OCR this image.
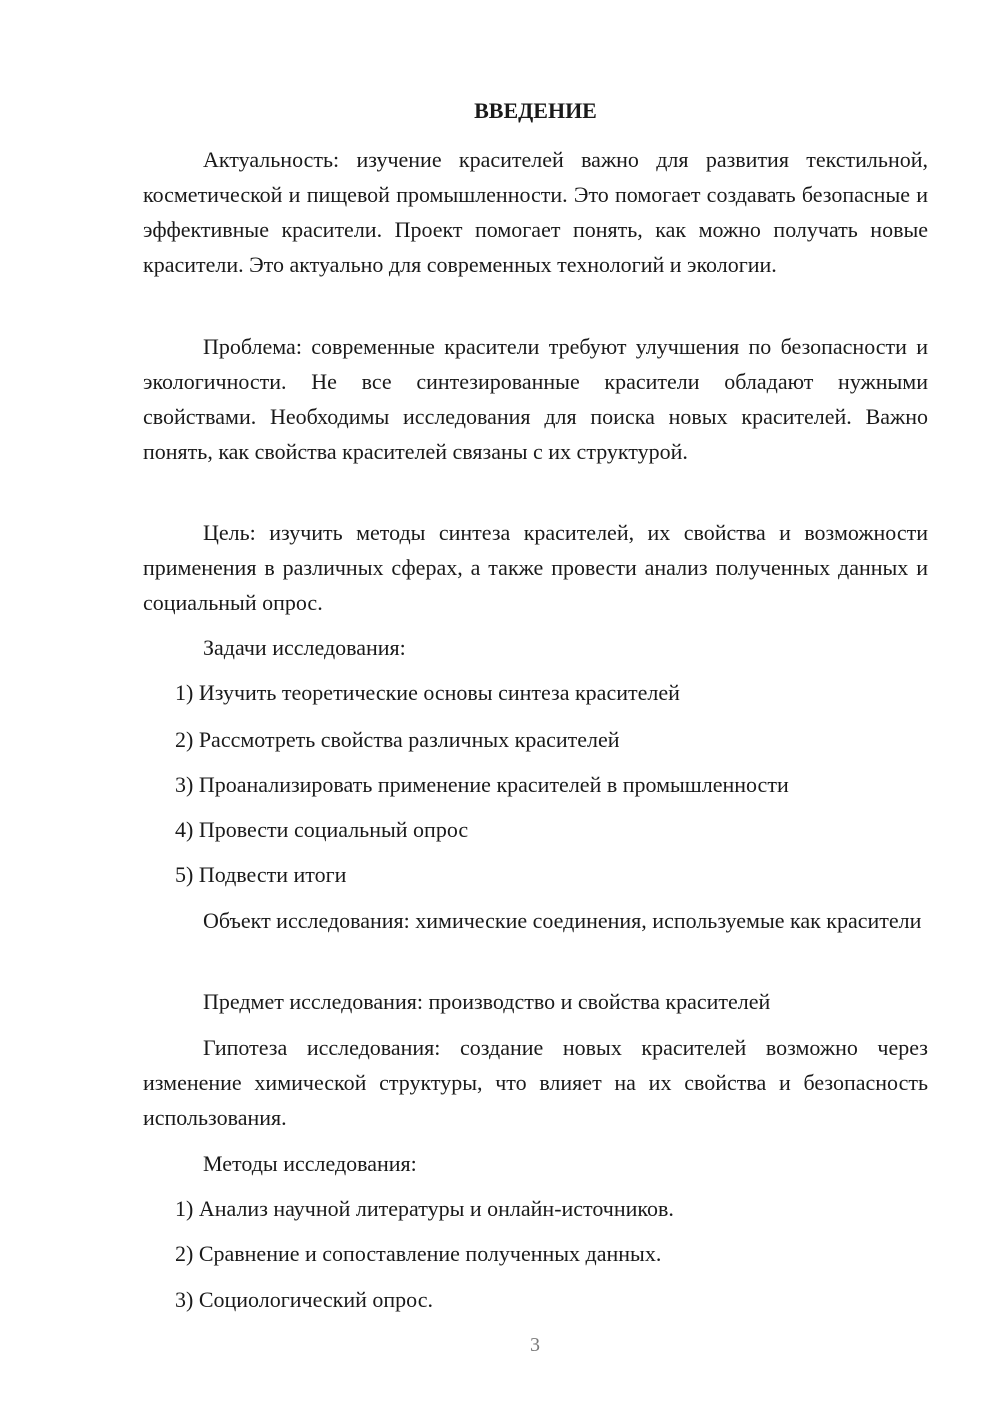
ВВЕДЕНИЕ

Актуальность: изучение красителей важно для развития текстильной, косметической и пищевой промышленности. Это помогает создавать безопасные и эффективные красители. Проект помогает понять, как можно получать новые красители. Это актуально для современных технологий и экологии.

Проблема: современные красители требуют улучшения по безопасности и экологичности. Не все синтезированные красители обладают нужными свойствами. Необходимы исследования для поиска новых красителей. Важно понять, как свойства красителей связаны с их структурой.

Цель: изучить методы синтеза красителей, их свойства и возможности применения в различных сферах, а также провести анализ полученных данных и социальный опрос.

Задачи исследования:

1) Изучить теоретические основы синтеза красителей

2) Рассмотреть свойства различных красителей

3) Проанализировать применение красителей в промышленности

4) Провести социальный опрос

5) Подвести итоги

Объект исследования: химические соединения, используемые как красители

Предмет исследования: производство и свойства красителей

Гипотеза исследования: создание новых красителей возможно через изменение химической структуры, что влияет на их свойства и безопасность использования.

Методы исследования:

1) Анализ научной литературы и онлайн-источников.

2) Сравнение и сопоставление полученных данных.

3) Социологический опрос.

3
